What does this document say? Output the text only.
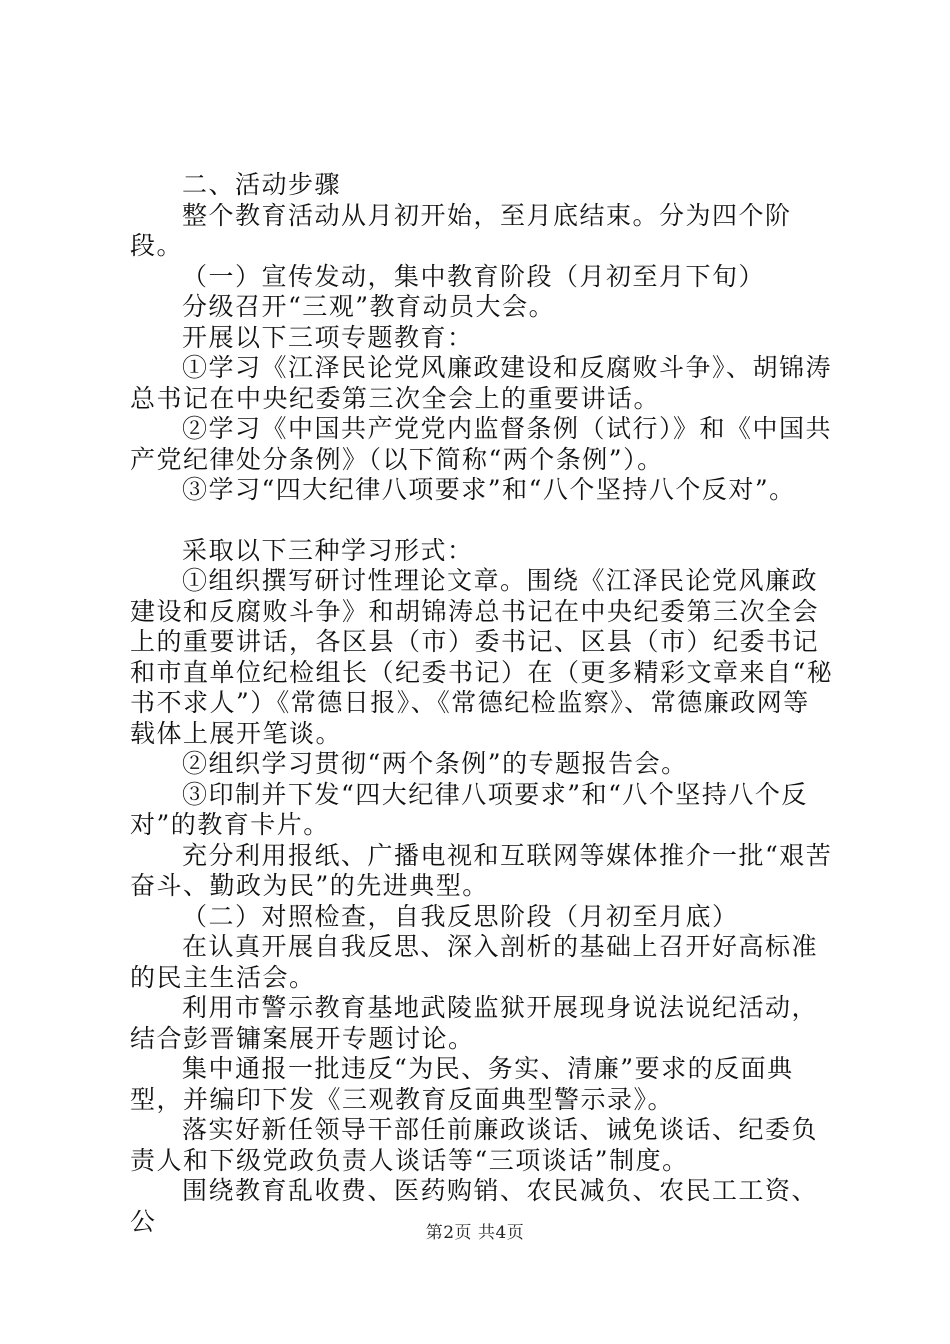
二、活动步骤

整个教育活动从月初开始，至月底结束。分为四个阶段。

（一）宣传发动，集中教育阶段（月初至月下旬）

分级召开“三观”教育动员大会。

开展以下三项专题教育：

①学习《江泽民论党风廉政建设和反腐败斗争》、胡锦涛总书记在中央纪委第三次全会上的重要讲话。

②学习《中国共产党党内监督条例（试行）》和《中国共产党纪律处分条例》（以下简称“两个条例”）。

③学习“四大纪律八项要求”和“八个坚持八个反对”。

采取以下三种学习形式：

①组织撰写研讨性理论文章。围绕《江泽民论党风廉政建设和反腐败斗争》和胡锦涛总书记在中央纪委第三次全会上的重要讲话，各区县（市）委书记、区县（市）纪委书记和市直单位纪检组长（纪委书记）在（更多精彩文章来自“秘书不求人”）《常德日报》、《常德纪检监察》、常德廉政网等载体上展开笔谈。

②组织学习贯彻“两个条例”的专题报告会。

③印制并下发“四大纪律八项要求”和“八个坚持八个反对”的教育卡片。

充分利用报纸、广播电视和互联网等媒体推介一批“艰苦奋斗、勤政为民”的先进典型。

（二）对照检查，自我反思阶段（月初至月底）

在认真开展自我反思、深入剖析的基础上召开好高标准的民主生活会。

利用市警示教育基地武陵监狱开展现身说法说纪活动，结合彭晋镛案展开专题讨论。

集中通报一批违反“为民、务实、清廉”要求的反面典型，并编印下发《三观教育反面典型警示录》。

落实好新任领导干部任前廉政谈话、诫免谈话、纪委负责人和下级党政负责人谈话等“三项谈话”制度。

围绕教育乱收费、医药购销、农民减负、农民工工资、公	第2页 共4页
